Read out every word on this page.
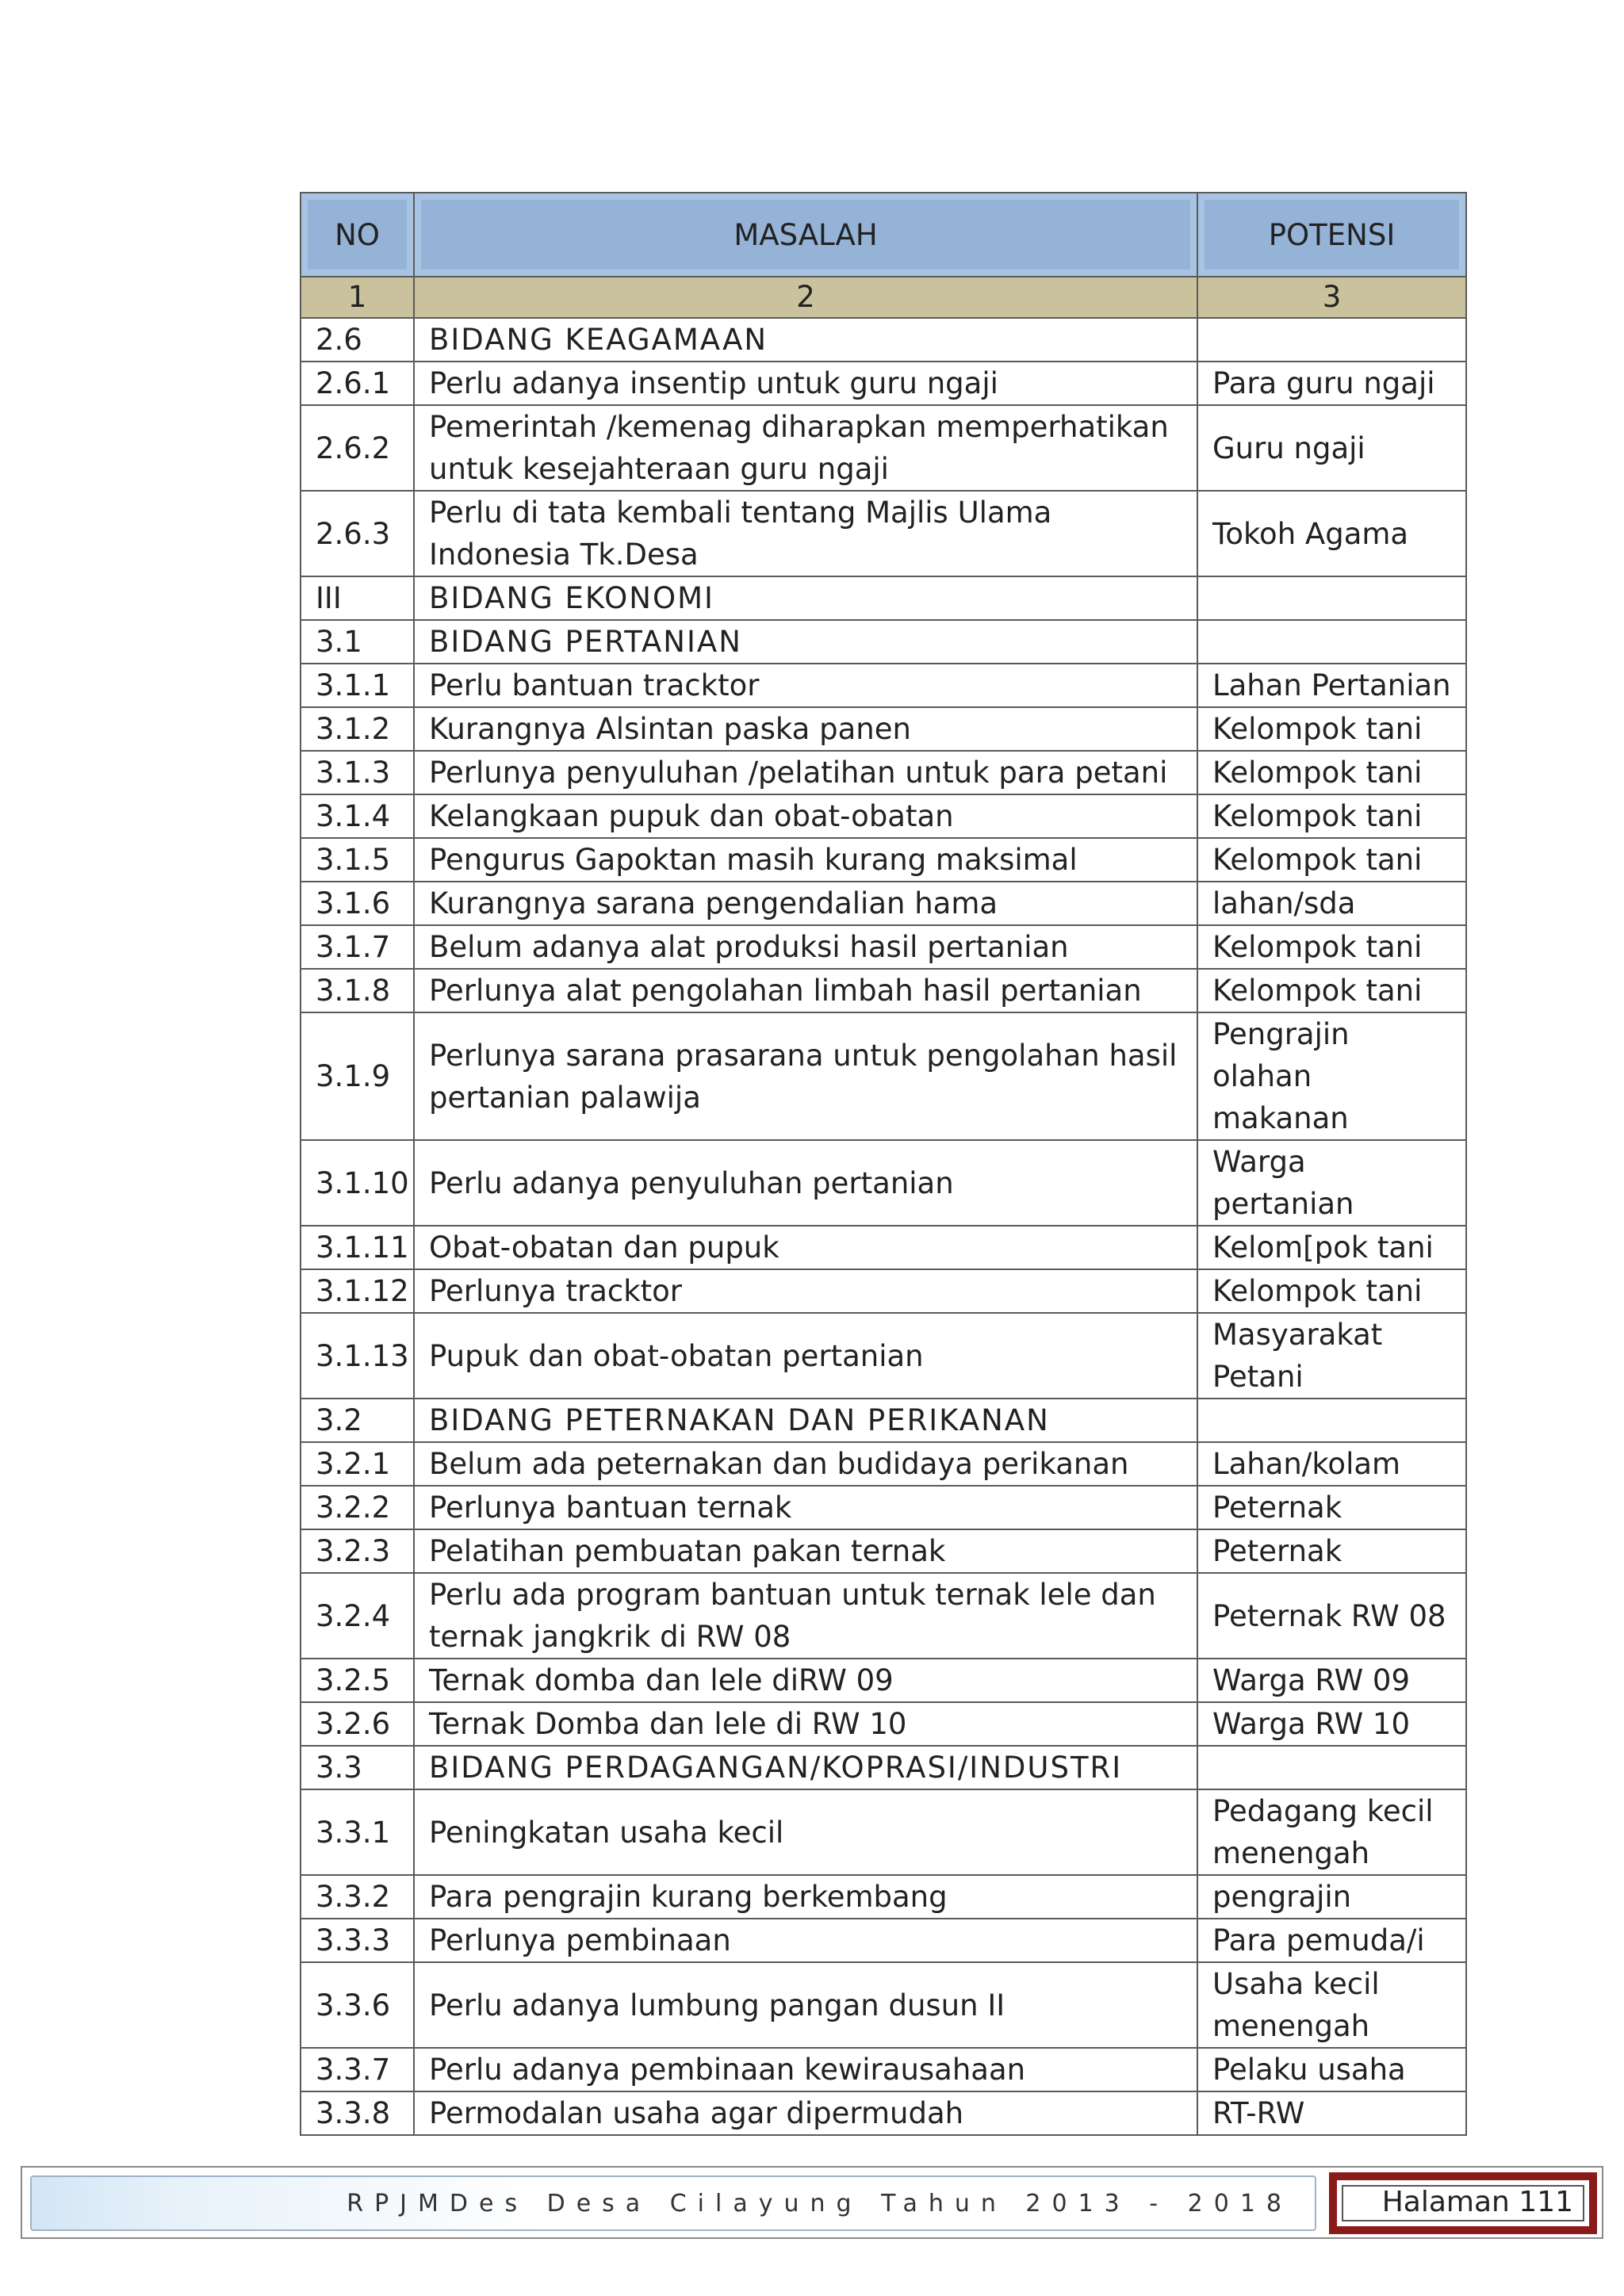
NO	MASALAH	POTENSI
1	2	3
2.6	BIDANG KEAGAMAAN	
2.6.1	Perlu adanya insentip untuk guru ngaji	Para guru ngaji
2.6.2	Pemerintah /kemenag diharapkan memperhatikan untuk kesejahteraan guru ngaji	Guru ngaji
2.6.3	Perlu di tata kembali tentang Majlis Ulama Indonesia Tk.Desa	Tokoh Agama
III	BIDANG EKONOMI	
3.1	BIDANG PERTANIAN	
3.1.1	Perlu bantuan tracktor	Lahan Pertanian
3.1.2	Kurangnya Alsintan paska panen	Kelompok tani
3.1.3	Perlunya penyuluhan /pelatihan untuk para petani	Kelompok tani
3.1.4	Kelangkaan pupuk dan obat-obatan	Kelompok tani
3.1.5	Pengurus Gapoktan masih kurang maksimal	Kelompok tani
3.1.6	Kurangnya sarana pengendalian hama	lahan/sda
3.1.7	Belum adanya alat produksi hasil pertanian	Kelompok tani
3.1.8	Perlunya alat pengolahan limbah hasil pertanian	Kelompok tani
3.1.9	Perlunya sarana prasarana untuk pengolahan hasil pertanian palawija	Pengrajin olahan makanan
3.1.10	Perlu adanya penyuluhan pertanian	Warga pertanian
3.1.11	Obat-obatan dan pupuk	Kelom[pok tani
3.1.12	Perlunya tracktor	Kelompok tani
3.1.13	Pupuk dan obat-obatan pertanian	Masyarakat Petani
3.2	BIDANG PETERNAKAN DAN PERIKANAN	
3.2.1	Belum ada peternakan dan budidaya perikanan	Lahan/kolam
3.2.2	Perlunya bantuan ternak	Peternak
3.2.3	Pelatihan pembuatan pakan ternak	Peternak
3.2.4	Perlu ada program bantuan untuk ternak lele dan ternak jangkrik di RW 08	Peternak RW 08
3.2.5	Ternak domba dan lele diRW 09	Warga RW 09
3.2.6	Ternak Domba dan lele di RW 10	Warga RW 10
3.3	BIDANG PERDAGANGAN/KOPRASI/INDUSTRI	
3.3.1	Peningkatan usaha kecil	Pedagang kecil menengah
3.3.2	Para pengrajin kurang berkembang	pengrajin
3.3.3	Perlunya pembinaan	Para pemuda/i
3.3.6	Perlu adanya lumbung pangan dusun II	Usaha kecil menengah
3.3.7	Perlu adanya pembinaan kewirausahaan	Pelaku usaha
3.3.8	Permodalan usaha agar dipermudah	RT-RW
RPJMDes Desa Cilayung Tahun 2013 - 2018	Halaman 111
